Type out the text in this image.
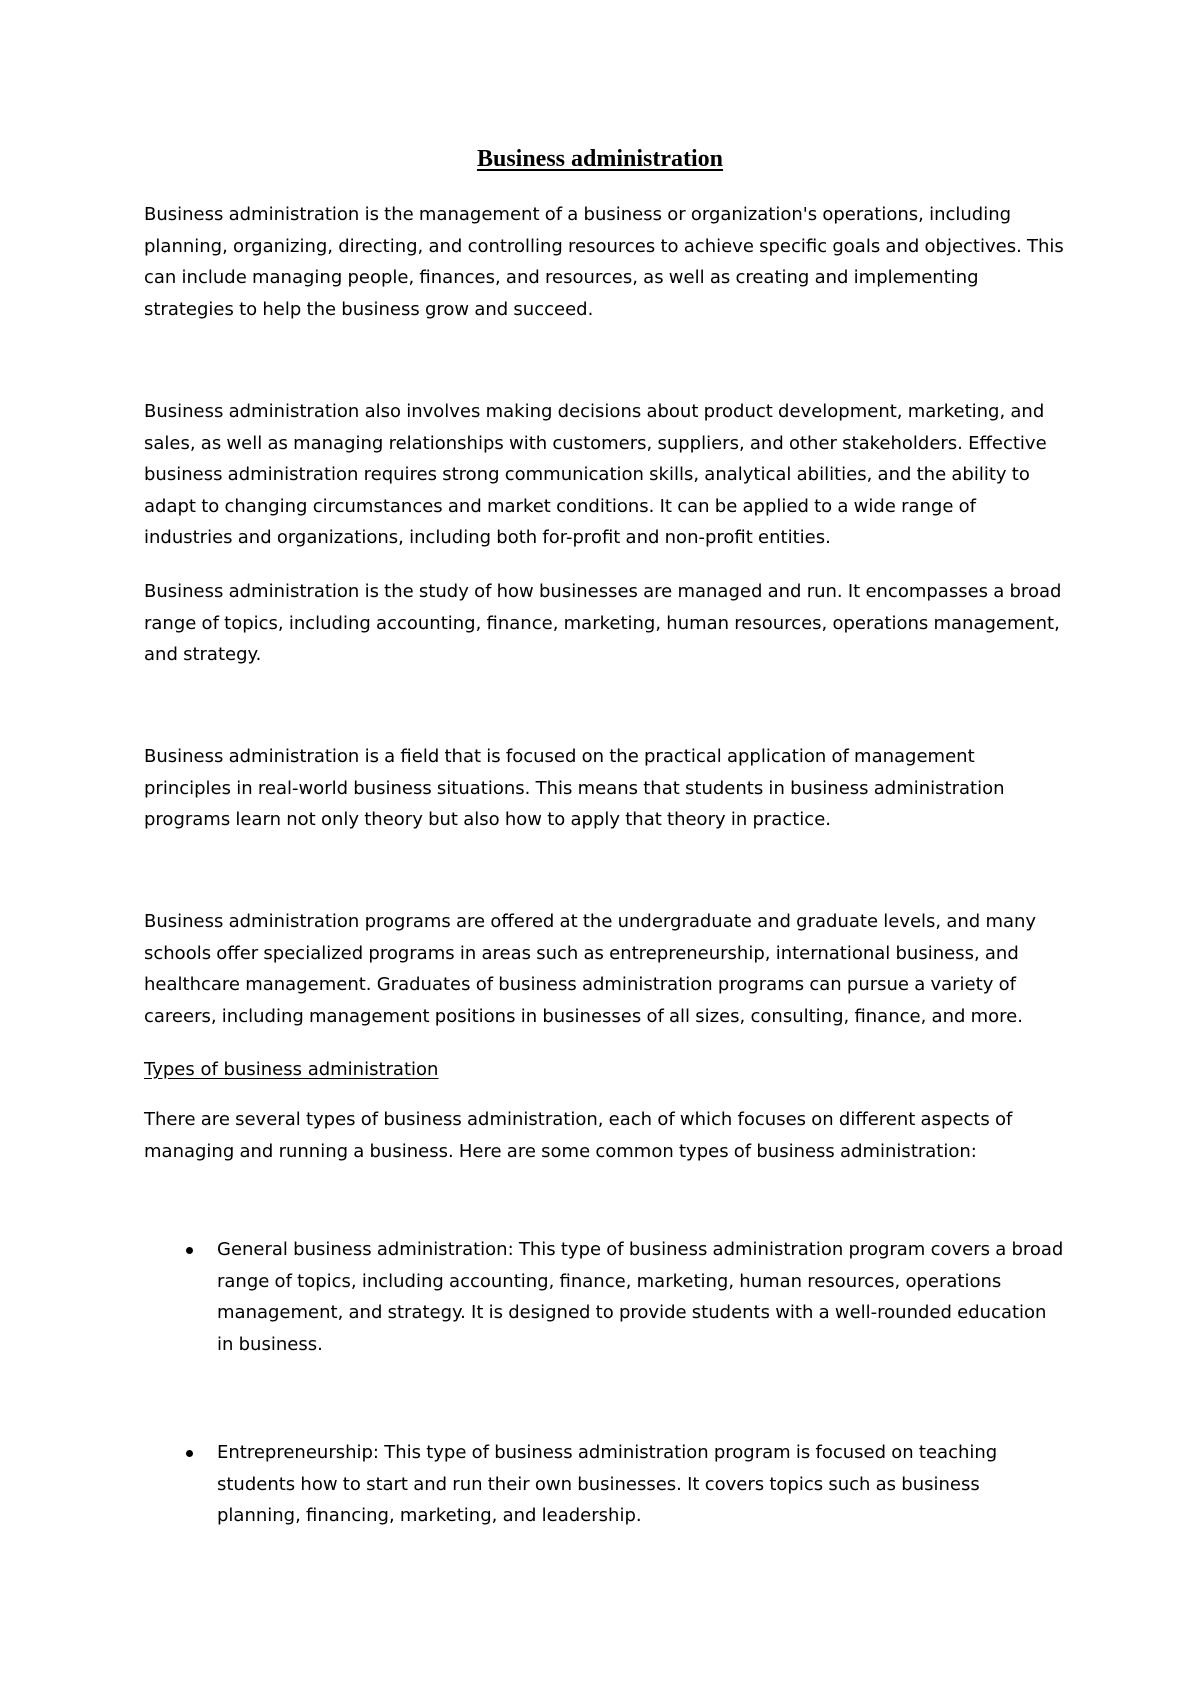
Business administration

Business administration is the management of a business or organization's operations, including planning, organizing, directing, and controlling resources to achieve specific goals and objectives. This can include managing people, finances, and resources, as well as creating and implementing strategies to help the business grow and succeed.

Business administration also involves making decisions about product development, marketing, and sales, as well as managing relationships with customers, suppliers, and other stakeholders. Effective business administration requires strong communication skills, analytical abilities, and the ability to adapt to changing circumstances and market conditions. It can be applied to a wide range of industries and organizations, including both for-profit and non-profit entities.

Business administration is the study of how businesses are managed and run. It encompasses a broad range of topics, including accounting, finance, marketing, human resources, operations management, and strategy.

Business administration is a field that is focused on the practical application of management principles in real-world business situations. This means that students in business administration programs learn not only theory but also how to apply that theory in practice.

Business administration programs are offered at the undergraduate and graduate levels, and many schools offer specialized programs in areas such as entrepreneurship, international business, and healthcare management. Graduates of business administration programs can pursue a variety of careers, including management positions in businesses of all sizes, consulting, finance, and more.

Types of business administration

There are several types of business administration, each of which focuses on different aspects of managing and running a business. Here are some common types of business administration:

General business administration: This type of business administration program covers a broad range of topics, including accounting, finance, marketing, human resources, operations management, and strategy. It is designed to provide students with a well-rounded education in business.
Entrepreneurship: This type of business administration program is focused on teaching students how to start and run their own businesses. It covers topics such as business planning, financing, marketing, and leadership.
